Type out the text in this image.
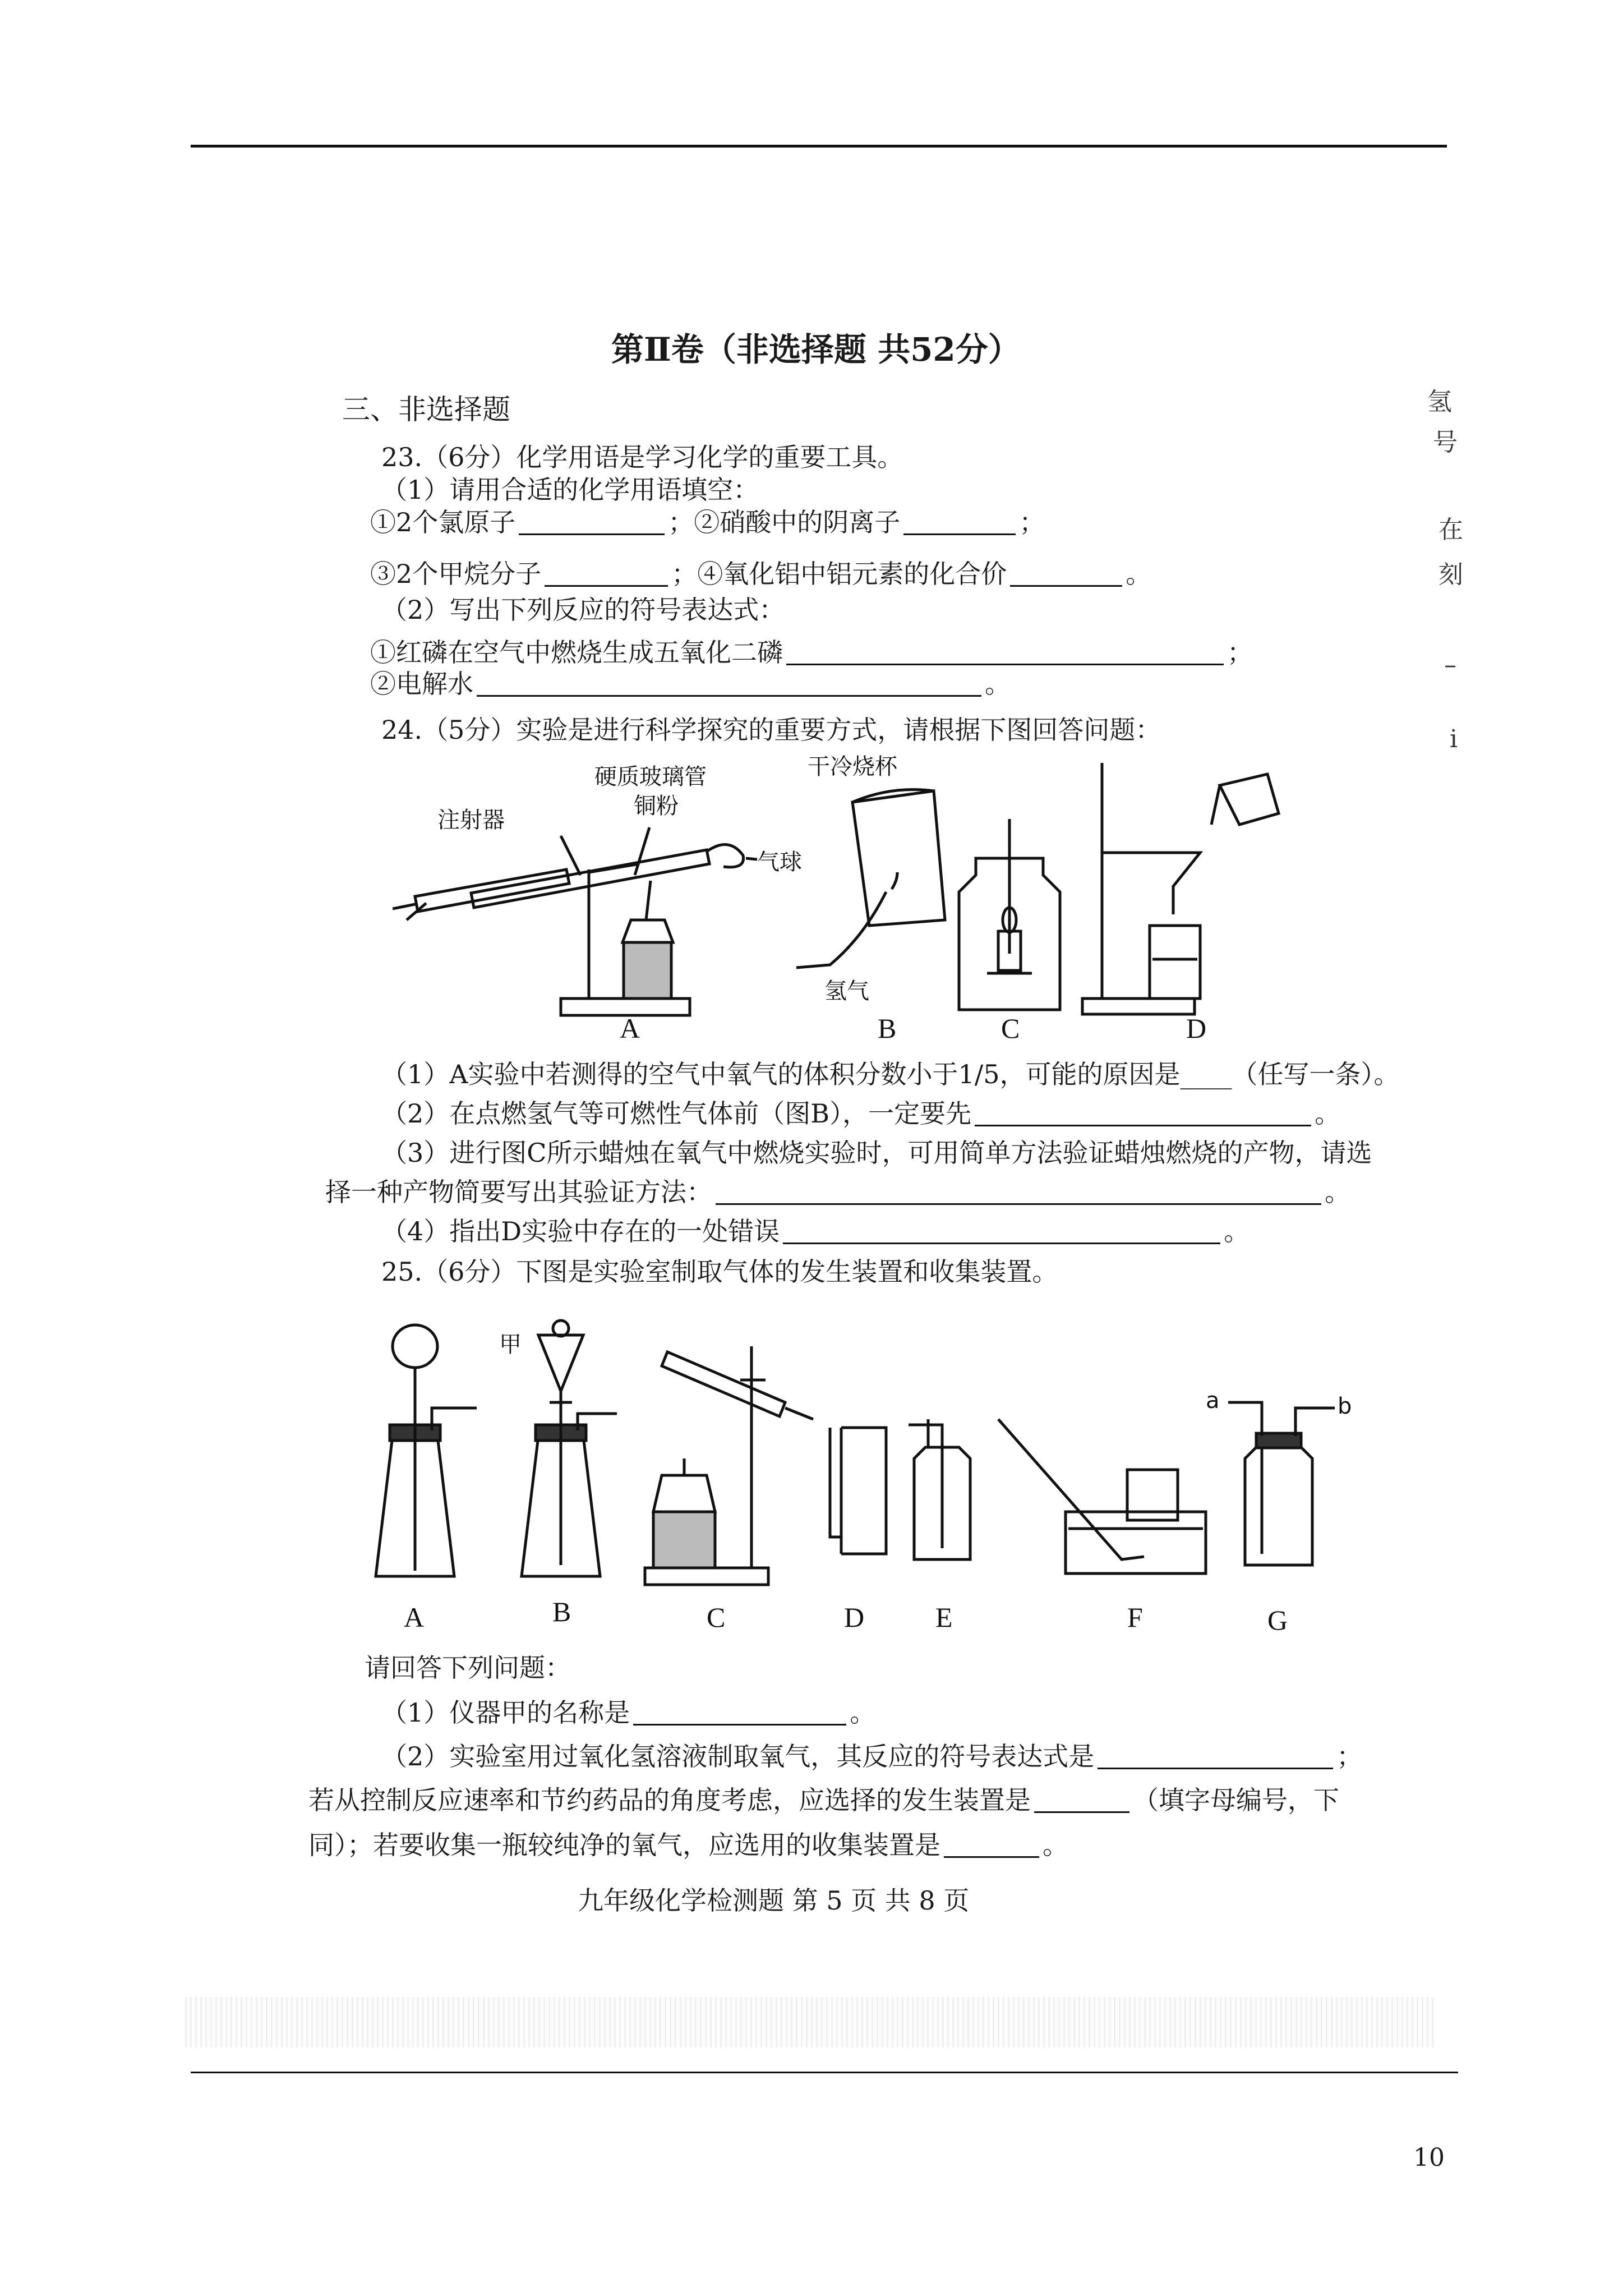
第Ⅱ卷（非选择题 共52分）
三、非选择题
23.（6分）化学用语是学习化学的重要工具。
（1）请用合适的化学用语填空：
①2个氯原子	；②硝酸中的阴离子	；
③2个甲烷分子	；④氧化铝中铝元素的化合价	。
（2）写出下列反应的符号表达式：
①红磷在空气中燃烧生成五氧化二磷	；
②电解水	。
24.（5分）实验是进行科学探究的重要方式，请根据下图回答问题：
注射器
硬质玻璃管
铜粉
气球
A
干冷烧杯
氢气
B	C	D
（1）A实验中若测得的空气中氧气的体积分数小于1/5，可能的原因是____（任写一条）。
（2）在点燃氢气等可燃性气体前（图B），一定要先	。
（3）进行图C所示蜡烛在氧气中燃烧实验时，可用简单方法验证蜡烛燃烧的产物，请选
择一种产物简要写出其验证方法：	。
（4）指出D实验中存在的一处错误	。
25.（6分）下图是实验室制取气体的发生装置和收集装置。
A
甲
B	C	D	E	F
a	b
G
请回答下列问题：
（1）仪器甲的名称是	。
（2）实验室用过氧化氢溶液制取氧气，其反应的符号表达式是	；
若从控制反应速率和节约药品的角度考虑，应选择的发生装置是	（填字母编号，下
同）；若要收集一瓶较纯净的氧气，应选用的收集装置是	。
九年级化学检测题 第 5 页 共 8 页
10
氢
号
在
刻
–
i
